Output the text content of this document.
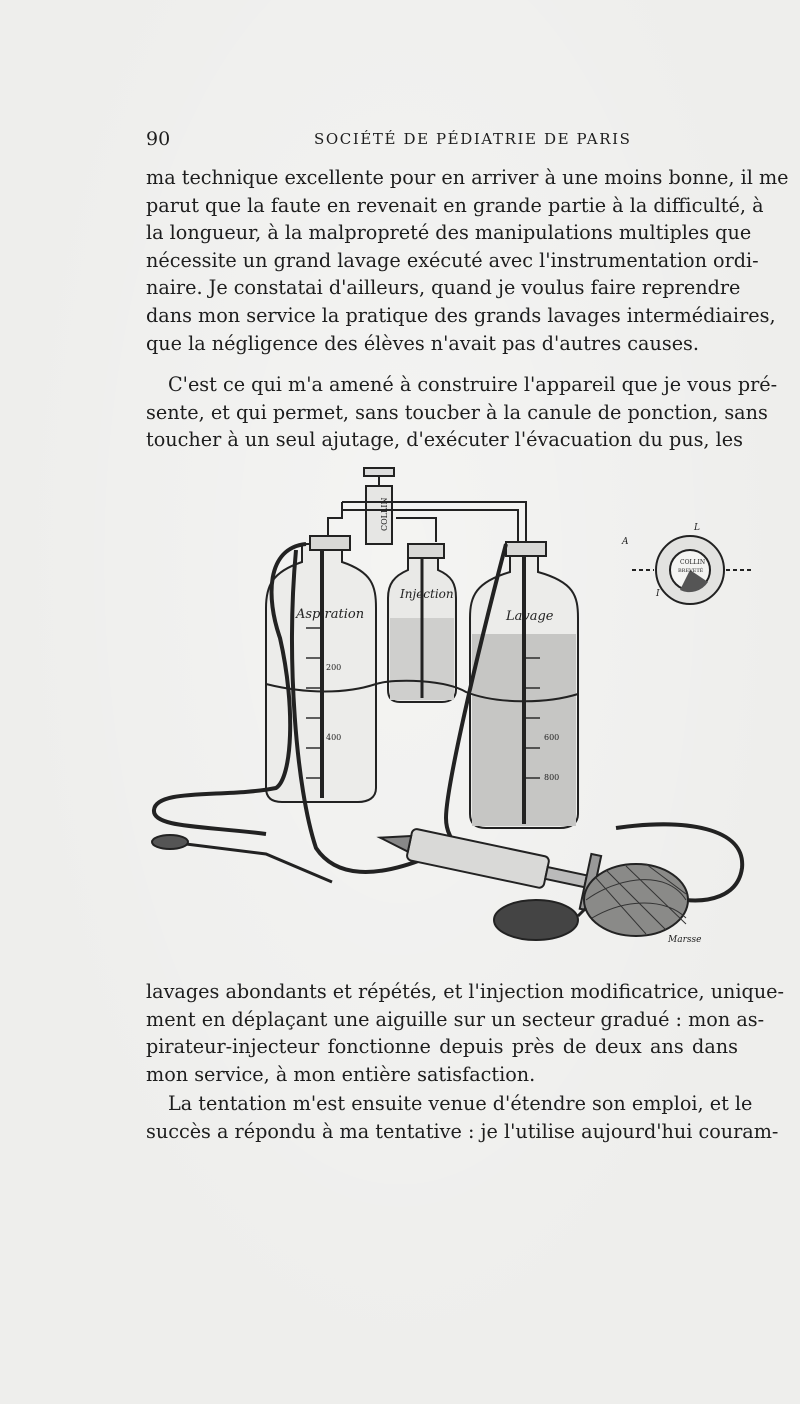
90	SOCIÉTÉ DE PÉDIATRIE DE PARIS
ma technique excellente pour en arriver à une moins bonne, il me
parut que la faute en revenait en grande partie à la difficulté, à
la longueur, à la malpropreté des manipulations multiples que
nécessite un grand lavage exécuté avec l'instrumentation ordi-
naire. Je constatai d'ailleurs, quand je voulus faire reprendre
dans mon service la pratique des grands lavages intermédiaires,
que la négligence des élèves n'avait pas d'autres causes.
C'est ce qui m'a amené à construire l'appareil que je vous pré-
sente, et qui permet, sans toucber à la canule de ponction, sans
toucher à un seul ajutage, d'exécuter l'évacuation du pus, les
Aspiration
Injection
Lavage
COLLIN
200
400	600
800
COLLIN
BREVETÉ
A
L
I
Marsse
lavages abondants et répétés, et l'injection modificatrice, unique-
ment en déplaçant une aiguille sur un secteur gradué : mon as-
pirateur-injecteur fonctionne depuis près de deux ans dans
mon service, à mon entière satisfaction.
La tentation m'est ensuite venue d'étendre son emploi, et le
succès a répondu à ma tentative : je l'utilise aujourd'hui couram-
